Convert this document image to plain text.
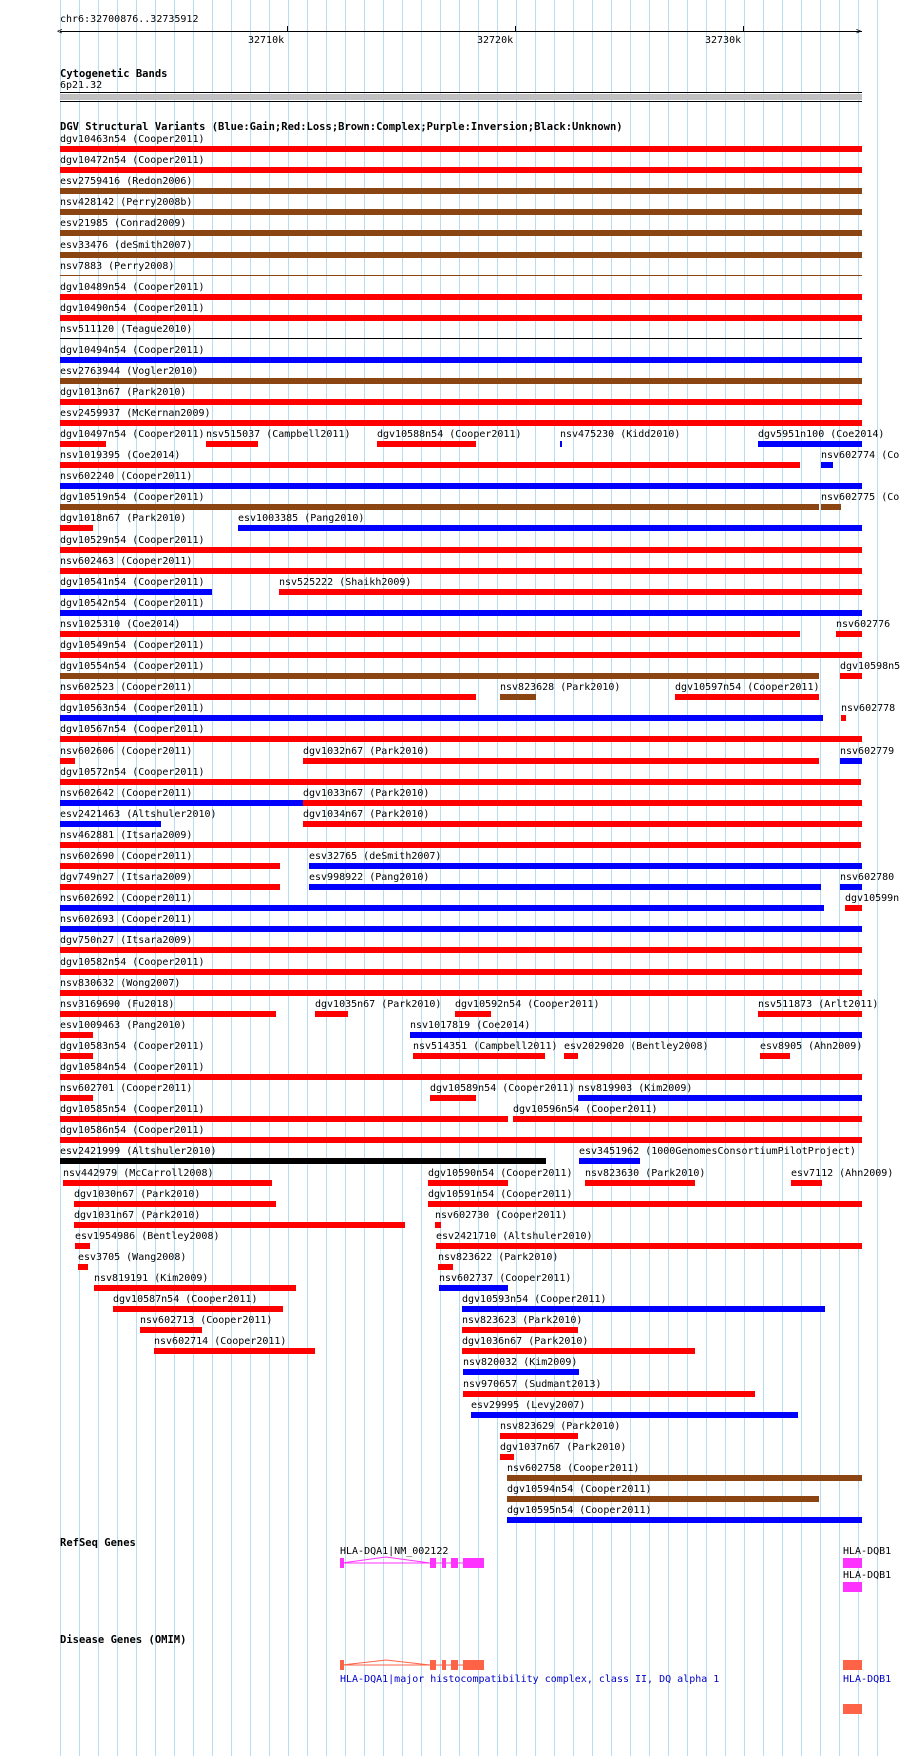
chr6:32700876..32735912
<	>
32710k	32720k	32730k
Cytogenetic Bands
6p21.32
DGV Structural Variants (Blue:Gain;Red:Loss;Brown:Complex;Purple:Inversion;Black:Unknown)
dgv10463n54 (Cooper2011)
dgv10472n54 (Cooper2011)
esv2759416 (Redon2006)
nsv428142 (Perry2008b)
esv21985 (Conrad2009)
esv33476 (deSmith2007)
nsv7883 (Perry2008)
dgv10489n54 (Cooper2011)
dgv10490n54 (Cooper2011)
nsv511120 (Teague2010)
dgv10494n54 (Cooper2011)
esv2763944 (Vogler2010)
dgv1013n67 (Park2010)
esv2459937 (McKernan2009)
dgv10497n54 (Cooper2011) nsv515037 (Campbell2011)	dgv10588n54 (Cooper2011)	nsv475230 (Kidd2010)	dgv5951n100 (Coe2014)
nsv1019395 (Coe2014)	nsv602774 (Co
nsv602240 (Cooper2011)
dgv10519n54 (Cooper2011)	nsv602775 (Co
dgv1018n67 (Park2010)	esv1003385 (Pang2010)
dgv10529n54 (Cooper2011)
nsv602463 (Cooper2011)
dgv10541n54 (Cooper2011)	nsv525222 (Shaikh2009)
dgv10542n54 (Cooper2011)
nsv1025310 (Coe2014)	nsv602776
dgv10549n54 (Cooper2011)
dgv10554n54 (Cooper2011)	dgv10598n5
nsv602523 (Cooper2011)	nsv823628 (Park2010)	dgv10597n54 (Cooper2011)
dgv10563n54 (Cooper2011)	nsv602778
dgv10567n54 (Cooper2011)
nsv602606 (Cooper2011)	dgv1032n67 (Park2010)	nsv602779
dgv10572n54 (Cooper2011)
nsv602642 (Cooper2011)	dgv1033n67 (Park2010)
esv2421463 (Altshuler2010)	dgv1034n67 (Park2010)
nsv462881 (Itsara2009)
nsv602690 (Cooper2011)	esv32765 (deSmith2007)
dgv749n27 (Itsara2009)	esv998922 (Pang2010)	nsv602780
nsv602692 (Cooper2011)	dgv10599n
nsv602693 (Cooper2011)
dgv750n27 (Itsara2009)
dgv10582n54 (Cooper2011)
nsv830632 (Wong2007)
nsv3169690 (Fu2018)	dgv1035n67 (Park2010) dgv10592n54 (Cooper2011)	nsv511873 (Arlt2011)
esv1009463 (Pang2010)	nsv1017819 (Coe2014)
dgv10583n54 (Cooper2011)	nsv514351 (Campbell2011) esv2029020 (Bentley2008)	esv8905 (Ahn2009)
dgv10584n54 (Cooper2011)
nsv602701 (Cooper2011)	dgv10589n54 (Cooper2011) nsv819903 (Kim2009)
dgv10585n54 (Cooper2011)	dgv10596n54 (Cooper2011)
dgv10586n54 (Cooper2011)
esv2421999 (Altshuler2010)	esv3451962 (1000GenomesConsortiumPilotProject)
nsv442979 (McCarroll2008)	dgv10590n54 (Cooper2011) nsv823630 (Park2010)	esv7112 (Ahn2009)
dgv1030n67 (Park2010)	dgv10591n54 (Cooper2011)
dgv1031n67 (Park2010)	nsv602730 (Cooper2011)
esv1954986 (Bentley2008)	esv2421710 (Altshuler2010)
esv3705 (Wang2008)	nsv823622 (Park2010)
nsv819191 (Kim2009)	nsv602737 (Cooper2011)
dgv10587n54 (Cooper2011)	dgv10593n54 (Cooper2011)
nsv602713 (Cooper2011)	nsv823623 (Park2010)
nsv602714 (Cooper2011)	dgv1036n67 (Park2010)
nsv820032 (Kim2009)
nsv970657 (Sudmant2013)
esv29995 (Levy2007)
nsv823629 (Park2010)
dgv1037n67 (Park2010)
nsv602758 (Cooper2011)
dgv10594n54 (Cooper2011)
dgv10595n54 (Cooper2011)
RefSeq Genes
HLA-DQA1|NM_002122	HLA-DQB1
HLA-DQB1
Disease Genes (OMIM)
HLA-DQA1|major histocompatibility complex, class II, DQ alpha 1	HLA-DQB1
